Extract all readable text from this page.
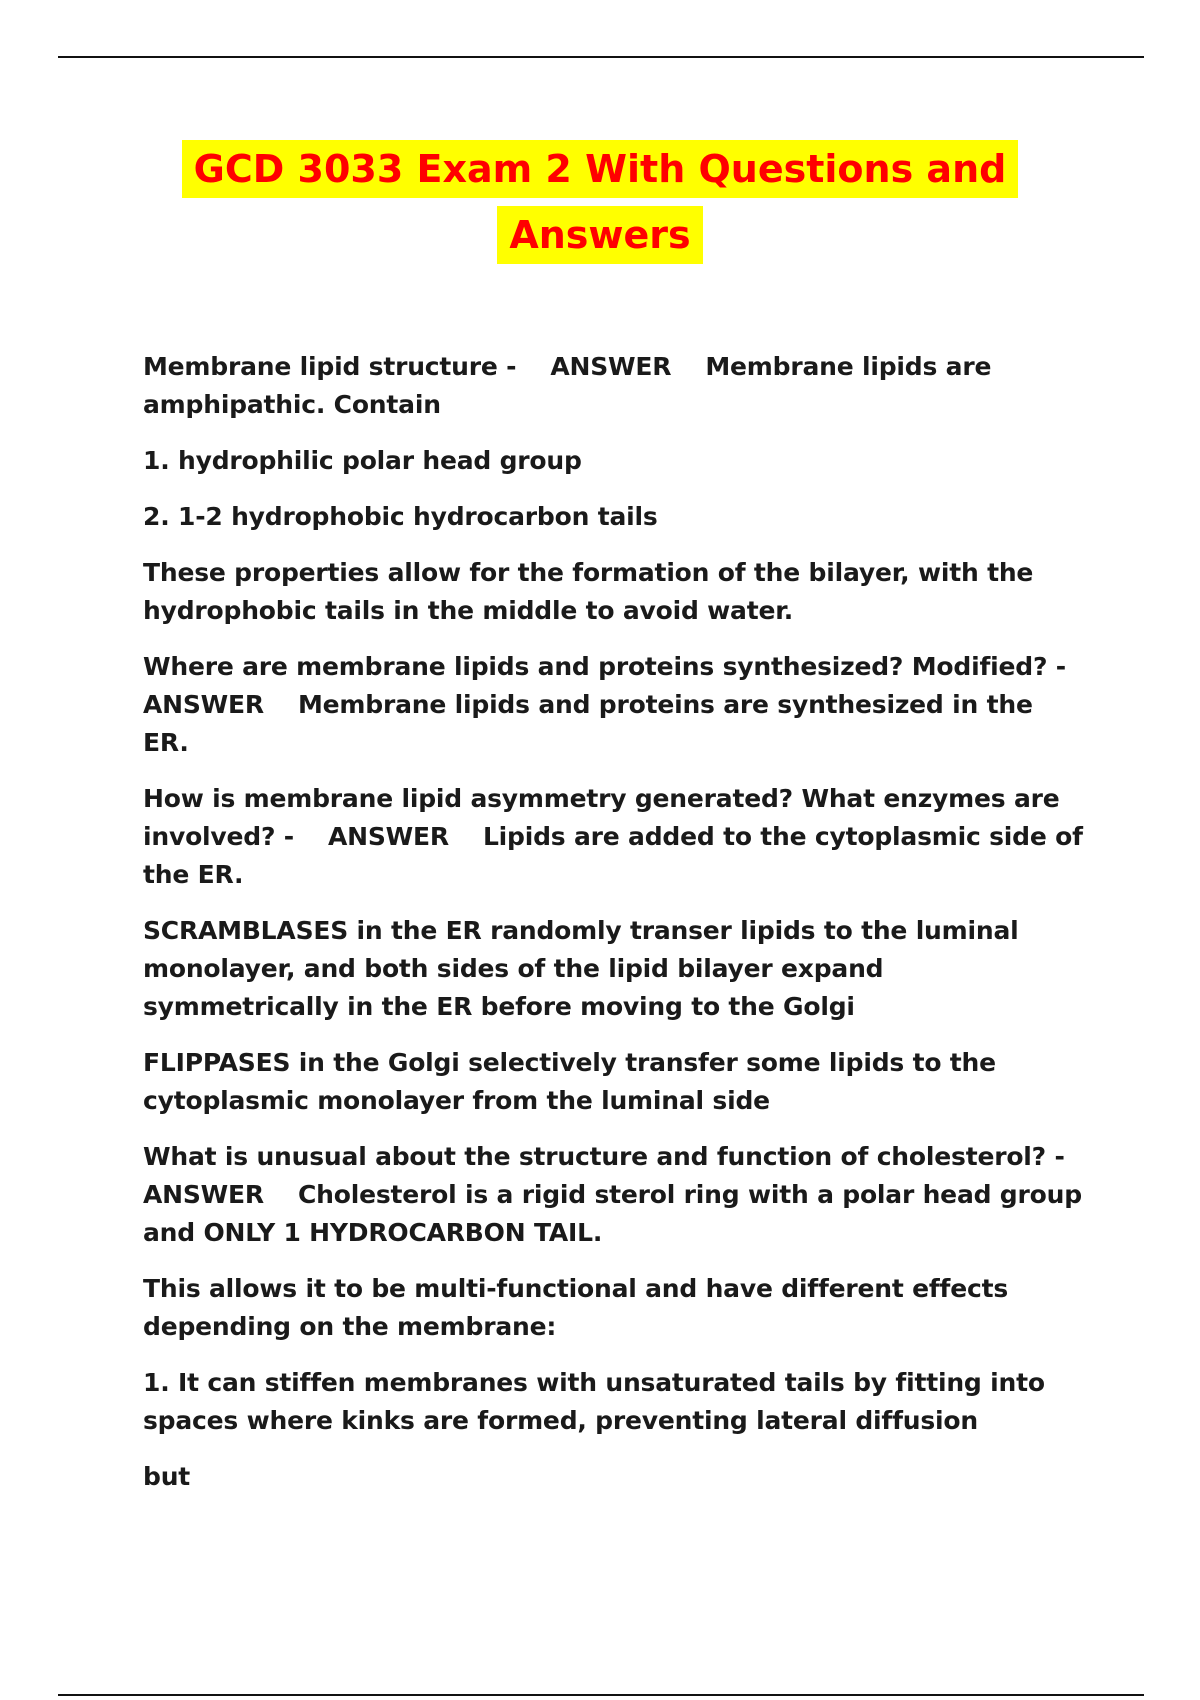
GCD 3033 Exam 2 With Questions and
Answers

Membrane lipid structure -    ANSWER    Membrane lipids are amphipathic. Contain

1. hydrophilic polar head group

2. 1-2 hydrophobic hydrocarbon tails

These properties allow for the formation of the bilayer, with the hydrophobic tails in the middle to avoid water.

Where are membrane lipids and proteins synthesized? Modified? - ANSWER    Membrane lipids and proteins are synthesized in the ER.

How is membrane lipid asymmetry generated? What enzymes are involved? -    ANSWER    Lipids are added to the cytoplasmic side of the ER.

SCRAMBLASES in the ER randomly transer lipids to the luminal monolayer, and both sides of the lipid bilayer expand symmetrically in the ER before moving to the Golgi

FLIPPASES in the Golgi selectively transfer some lipids to the cytoplasmic monolayer from the luminal side

What is unusual about the structure and function of cholesterol? - ANSWER    Cholesterol is a rigid sterol ring with a polar head group and ONLY 1 HYDROCARBON TAIL.

This allows it to be multi-functional and have different effects depending on the membrane:

1. It can stiffen membranes with unsaturated tails by fitting into spaces where kinks are formed, preventing lateral diffusion

but
